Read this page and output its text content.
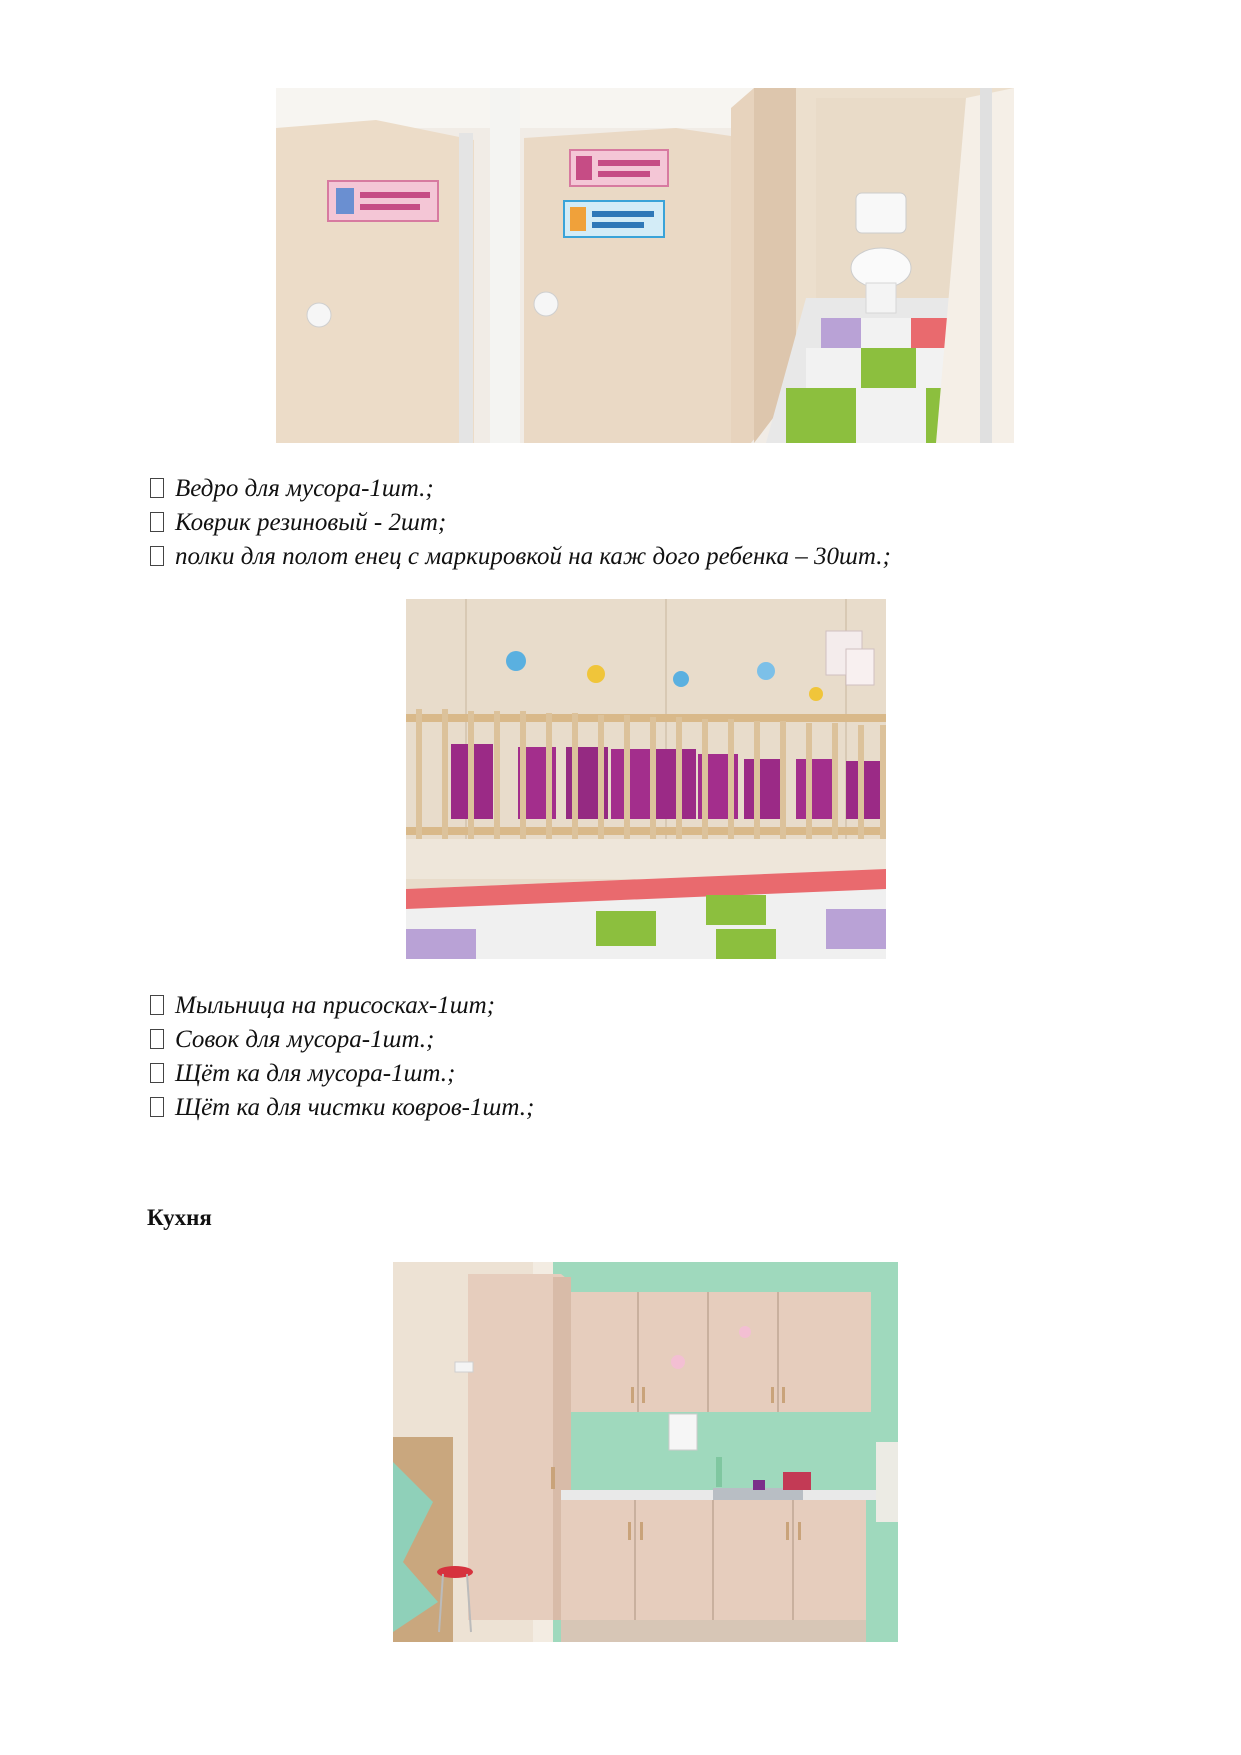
Ведро для мусора-1шт.;
Коврик резиновый - 2шт;
полки для полот енец с маркировкой на каж дого ребенка – 30шт.;
Мыльница на присосках-1шт;
Совок для мусора-1шт.;
Щёт ка для мусора-1шт.;
Щёт ка для чистки ковров-1шт.;
Кухня
